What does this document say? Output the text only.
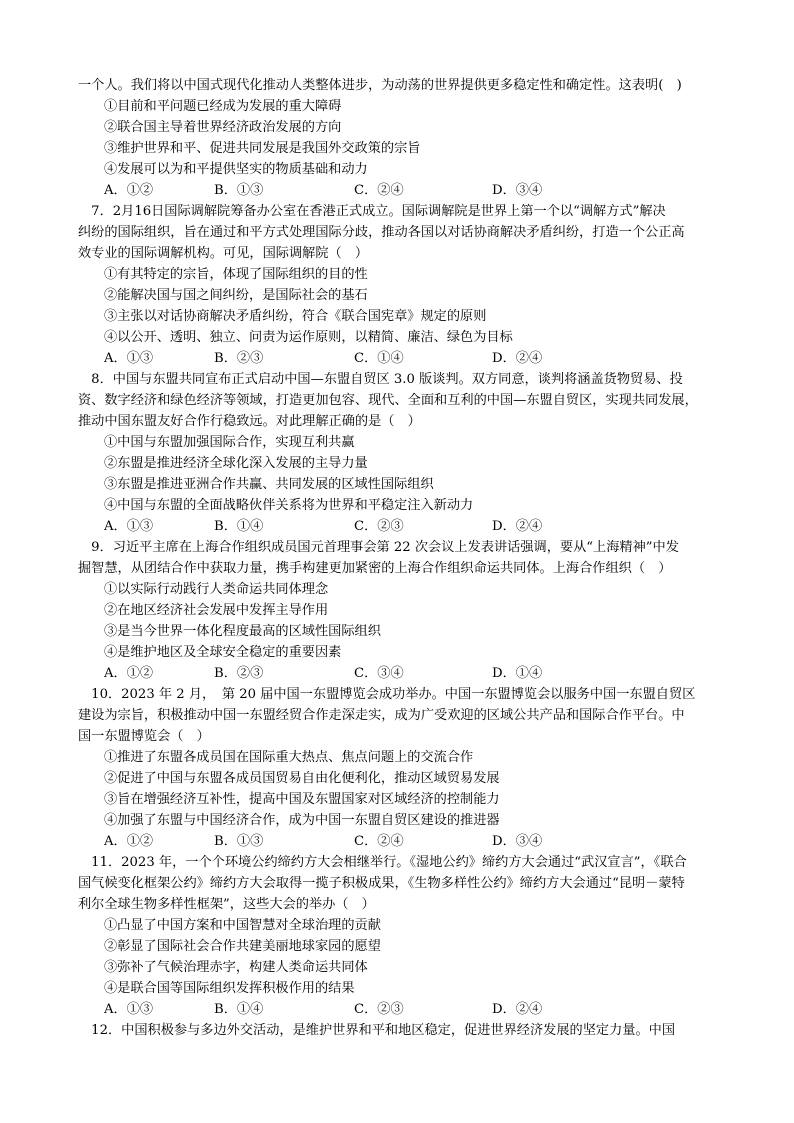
一个人。我们将以中国式现代化推动人类整体进步，为动荡的世界提供更多稳定性和确定性。这表明(　)
①目前和平问题已经成为发展的重大障碍
②联合国主导着世界经济政治发展的方向
③维护世界和平、促进共同发展是我国外交政策的宗旨
④发展可以为和平提供坚实的物质基础和动力
A．①②	B．①③	C．②④	D．③④
　7．2月16日国际调解院筹备办公室在香港正式成立。国际调解院是世界上第一个以“调解方式”解决
纠纷的国际组织，旨在通过和平方式处理国际分歧，推动各国以对话协商解决矛盾纠纷，打造一个公正高
效专业的国际调解机构。可见，国际调解院（　）
①有其特定的宗旨，体现了国际组织的目的性
②能解决国与国之间纠纷，是国际社会的基石
③主张以对话协商解决矛盾纠纷，符合《联合国宪章》规定的原则
④以公开、透明、独立、问责为运作原则，以精简、廉洁、绿色为目标
A．①③	B．②③	C．①④	D．②④
　8．中国与东盟共同宣布正式启动中国—东盟自贸区 3.0 版谈判。双方同意，谈判将涵盖货物贸易、投
资、数字经济和绿色经济等领域，打造更加包容、现代、全面和互利的中国—东盟自贸区，实现共同发展，
推动中国东盟友好合作行稳致远。对此理解正确的是（　）
①中国与东盟加强国际合作，实现互利共赢
②东盟是推进经济全球化深入发展的主导力量
③东盟是推进亚洲合作共赢、共同发展的区域性国际组织
④中国与东盟的全面战略伙伴关系将为世界和平稳定注入新动力
A．①③	B．①④	C．②③	D．②④
　9．习近平主席在上海合作组织成员国元首理事会第 22 次会议上发表讲话强调，要从“上海精神”中发
掘智慧，从团结合作中获取力量，携手构建更加紧密的上海合作组织命运共同体。上海合作组织（　）
①以实际行动践行人类命运共同体理念
②在地区经济社会发展中发挥主导作用
③是当今世界一体化程度最高的区域性国际组织
④是维护地区及全球安全稳定的重要因素
A．①②	B．②③	C．③④	D．①④
　10．2023 年 2 月，　第 20 届中国一东盟博览会成功举办。中国一东盟博览会以服务中国一东盟自贸区
建设为宗旨，积极推动中国一东盟经贸合作走深走实，成为广受欢迎的区域公共产品和国际合作平台。中
国一东盟博览会（　）
①推进了东盟各成员国在国际重大热点、焦点问题上的交流合作
②促进了中国与东盟各成员国贸易自由化便利化，推动区域贸易发展
③旨在增强经济互补性，提高中国及东盟国家对区域经济的控制能力
④加强了东盟与中国经济合作，成为中国一东盟自贸区建设的推进器
A．①②	B．①③	C．②④	D．③④
　11．2023 年，一个个环境公约缔约方大会相继举行。《湿地公约》缔约方大会通过“武汉宣言”，《联合
国气候变化框架公约》缔约方大会取得一揽子积极成果，《生物多样性公约》缔约方大会通过“昆明－蒙特
利尔全球生物多样性框架”，这些大会的举办（　）
①凸显了中国方案和中国智慧对全球治理的贡献
②彰显了国际社会合作共建美丽地球家园的愿望
③弥补了气候治理赤字，构建人类命运共同体
④是联合国等国际组织发挥积极作用的结果
A．①③	B．①④	C．②③	D．②④
　12．中国积极参与多边外交活动，是维护世界和平和地区稳定，促进世界经济发展的坚定力量。中国
